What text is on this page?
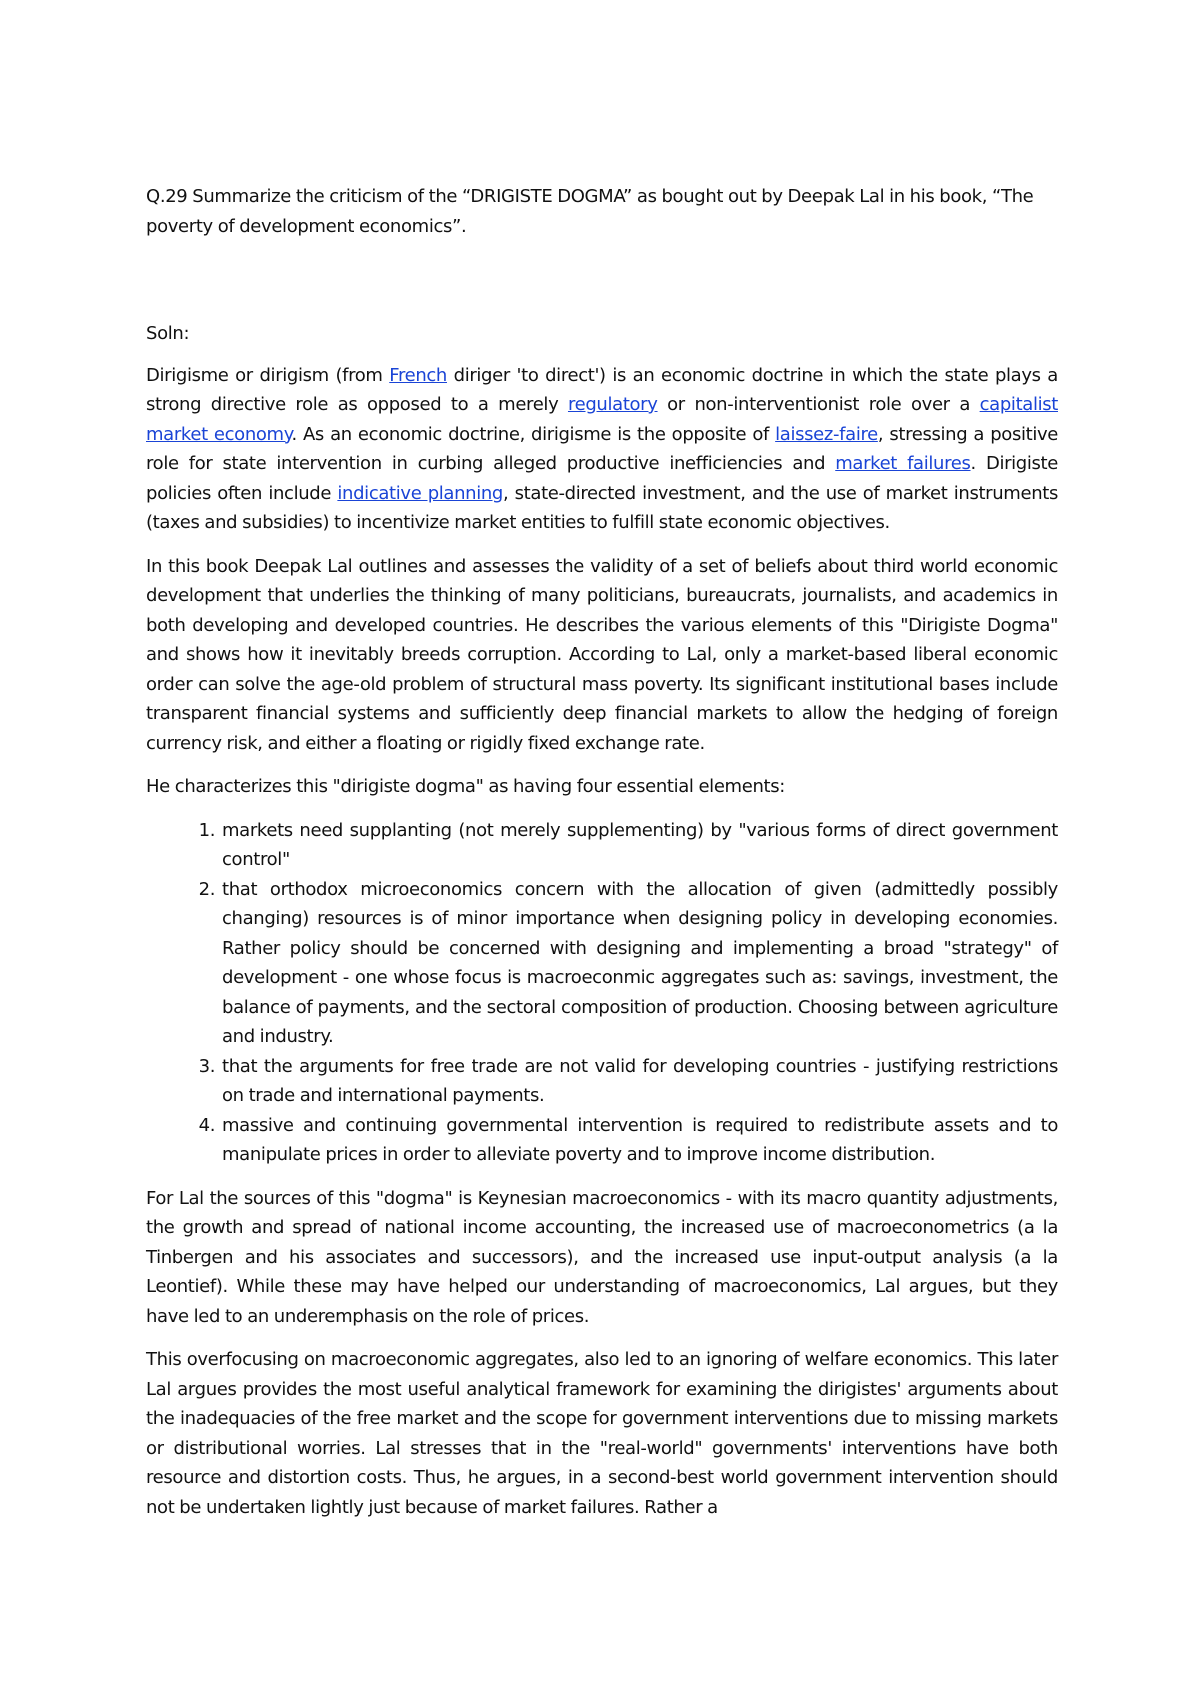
Q.29 Summarize the criticism of the “DRIGISTE DOGMA” as bought out by Deepak Lal in his book, “The poverty of development economics”.

Soln:

Dirigisme or dirigism (from French diriger 'to direct') is an economic doctrine in which the state plays a strong directive role as opposed to a merely regulatory or non-interventionist role over a capitalist market economy. As an economic doctrine, dirigisme is the opposite of laissez-faire, stressing a positive role for state intervention in curbing alleged productive inefficiencies and market failures. Dirigiste policies often include indicative planning, state-directed investment, and the use of market instruments (taxes and subsidies) to incentivize market entities to fulfill state economic objectives.

In this book Deepak Lal outlines and assesses the validity of a set of beliefs about third world economic development that underlies the thinking of many politicians, bureaucrats, journalists, and academics in both developing and developed countries. He describes the various elements of this "Dirigiste Dogma" and shows how it inevitably breeds corruption. According to Lal, only a market-based liberal economic order can solve the age-old problem of structural mass poverty. Its significant institutional bases include transparent financial systems and sufficiently deep financial markets to allow the hedging of foreign currency risk, and either a floating or rigidly fixed exchange rate.

He characterizes this "dirigiste dogma" as having four essential elements:

1. markets need supplanting (not merely supplementing) by "various forms of direct government control"
2. that orthodox microeconomics concern with the allocation of given (admittedly possibly changing) resources is of minor importance when designing policy in developing economies. Rather policy should be concerned with designing and implementing a broad "strategy" of development - one whose focus is macroeconmic aggregates such as: savings, investment, the balance of payments, and the sectoral composition of production. Choosing between agriculture and industry.
3. that the arguments for free trade are not valid for developing countries - justifying restrictions on trade and international payments.
4. massive and continuing governmental intervention is required to redistribute assets and to manipulate prices in order to alleviate poverty and to improve income distribution.

For Lal the sources of this "dogma" is Keynesian macroeconomics - with its macro quantity adjustments, the growth and spread of national income accounting, the increased use of macroeconometrics (a la Tinbergen and his associates and successors), and the increased use input-output analysis (a la Leontief). While these may have helped our understanding of macroeconomics, Lal argues, but they have led to an underemphasis on the role of prices.

This overfocusing on macroeconomic aggregates, also led to an ignoring of welfare economics. This later Lal argues provides the most useful analytical framework for examining the dirigistes' arguments about the inadequacies of the free market and the scope for government interventions due to missing markets or distributional worries. Lal stresses that in the "real-world" governments' interventions have both resource and distortion costs. Thus, he argues, in a second-best world government intervention should not be undertaken lightly just because of market failures. Rather a
